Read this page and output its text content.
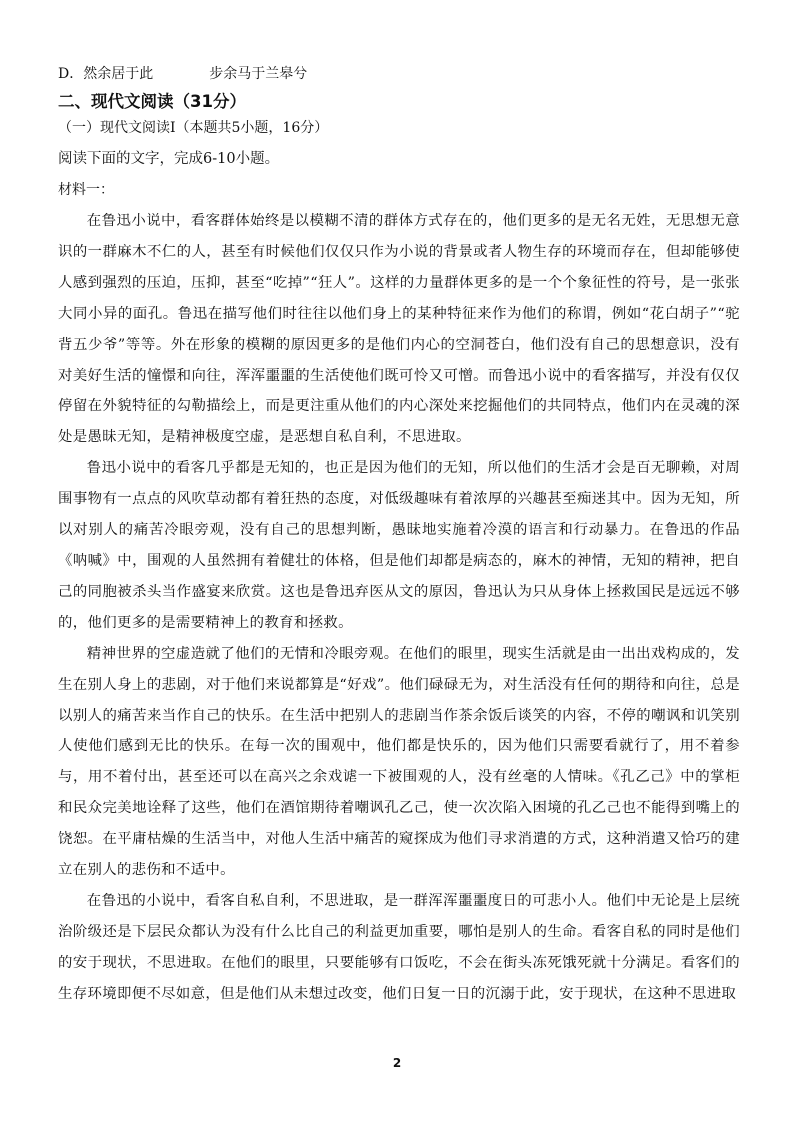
D．然余居于此	步余马于兰皋兮
二、现代文阅读（31分）
（一）现代文阅读Ⅰ（本题共5小题，16分）
阅读下面的文字，完成6-10小题。
材料一：

在鲁迅小说中，看客群体始终是以模糊不清的群体方式存在的，他们更多的是无名无姓，无思想无意识的一群麻木不仁的人，甚至有时候他们仅仅只作为小说的背景或者人物生存的环境而存在，但却能够使人感到强烈的压迫，压抑，甚至“吃掉”“狂人”。这样的力量群体更多的是一个个象征性的符号，是一张张大同小异的面孔。鲁迅在描写他们时往往以他们身上的某种特征来作为他们的称谓，例如“花白胡子”“驼背五少爷”等等。外在形象的模糊的原因更多的是他们内心的空洞苍白，他们没有自己的思想意识，没有对美好生活的憧憬和向往，浑浑噩噩的生活使他们既可怜又可憎。而鲁迅小说中的看客描写，并没有仅仅停留在外貌特征的勾勒描绘上，而是更注重从他们的内心深处来挖掘他们的共同特点，他们内在灵魂的深处是愚昧无知，是精神极度空虚，是恶想自私自利，不思进取。

鲁迅小说中的看客几乎都是无知的，也正是因为他们的无知，所以他们的生活才会是百无聊赖，对周围事物有一点点的风吹草动都有着狂热的态度，对低级趣味有着浓厚的兴趣甚至痴迷其中。因为无知，所以对别人的痛苦冷眼旁观，没有自己的思想判断，愚昧地实施着冷漠的语言和行动暴力。在鲁迅的作品《呐喊》中，围观的人虽然拥有着健壮的体格，但是他们却都是病态的，麻木的神情，无知的精神，把自己的同胞被杀头当作盛宴来欣赏。这也是鲁迅弃医从文的原因，鲁迅认为只从身体上拯救国民是远远不够的，他们更多的是需要精神上的教育和拯救。

精神世界的空虚造就了他们的无情和冷眼旁观。在他们的眼里，现实生活就是由一出出戏构成的，发生在别人身上的悲剧，对于他们来说都算是“好戏”。他们碌碌无为，对生活没有任何的期待和向往，总是以别人的痛苦来当作自己的快乐。在生活中把别人的悲剧当作茶余饭后谈笑的内容，不停的嘲讽和讥笑别人使他们感到无比的快乐。在每一次的围观中，他们都是快乐的，因为他们只需要看就行了，用不着参与，用不着付出，甚至还可以在高兴之余戏谑一下被围观的人，没有丝毫的人情味。《孔乙己》中的掌柜和民众完美地诠释了这些，他们在酒馆期待着嘲讽孔乙己，使一次次陷入困境的孔乙己也不能得到嘴上的饶恕。在平庸枯燥的生活当中，对他人生活中痛苦的窥探成为他们寻求消遣的方式，这种消遣又恰巧的建立在别人的悲伤和不适中。

在鲁迅的小说中，看客自私自利，不思进取，是一群浑浑噩噩度日的可悲小人。他们中无论是上层统治阶级还是下层民众都认为没有什么比自己的利益更加重要，哪怕是别人的生命。看客自私的同时是他们的安于现状，不思进取。在他们的眼里，只要能够有口饭吃，不会在街头冻死饿死就十分满足。看客们的生存环境即便不尽如意，但是他们从未想过改变，他们日复一日的沉溺于此，安于现状，在这种不思进取

2
